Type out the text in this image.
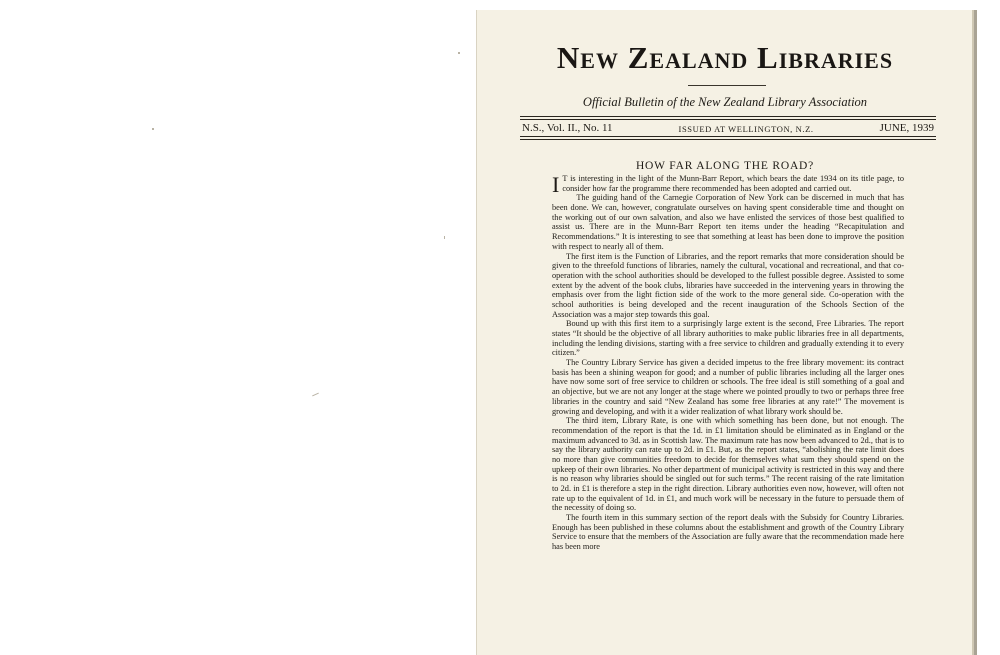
New Zealand Libraries
Official Bulletin of the New Zealand Library Association
N.S., Vol. II., No. 11	ISSUED AT WELLINGTON, N.Z.	JUNE, 1939
HOW FAR ALONG THE ROAD?

I T is interesting in the light of the Munn-Barr Report, which bears the date 1934 on its title page, to consider how far the programme there recommended has been adopted and carried out.

The guiding hand of the Carnegie Corporation of New York can be discerned in much that has been done. We can, however, congratulate ourselves on having spent considerable time and thought on the working out of our own salvation, and also we have enlisted the services of those best qualified to assist us. There are in the Munn-Barr Report ten items under the heading “Recapitulation and Recommendations.” It is interesting to see that something at least has been done to improve the position with respect to nearly all of them.

The first item is the Function of Libraries, and the report remarks that more consideration should be given to the threefold functions of libraries, namely the cultural, vocational and recreational, and that co-operation with the school authorities should be developed to the fullest possible degree. Assisted to some extent by the advent of the book clubs, libraries have succeeded in the intervening years in throwing the emphasis over from the light fiction side of the work to the more general side. Co-operation with the school authorities is being developed and the recent inauguration of the Schools Section of the Association was a major step towards this goal.

Bound up with this first item to a surprisingly large extent is the second, Free Libraries. The report states “It should be the objective of all library authorities to make public libraries free in all departments, including the lending divisions, starting with a free service to children and gradually extending it to every citizen.”

The Country Library Service has given a decided impetus to the free library movement: its contract basis has been a shining weapon for good; and a number of public libraries including all the larger ones have now some sort of free service to children or schools. The free ideal is still something of a goal and an objective, but we are not any longer at the stage where we pointed proudly to two or perhaps three free libraries in the country and said “New Zealand has some free libraries at any rate!” The movement is growing and developing, and with it a wider realization of what library work should be.

The third item, Library Rate, is one with which something has been done, but not enough. The recommendation of the report is that the 1d. in £1 limitation should be eliminated as in England or the maximum advanced to 3d. as in Scottish law. The maximum rate has now been advanced to 2d., that is to say the library authority can rate up to 2d. in £1. But, as the report states, “abolishing the rate limit does no more than give communities freedom to decide for themselves what sum they should spend on the upkeep of their own libraries. No other department of municipal activity is restricted in this way and there is no reason why libraries should be singled out for such terms.” The recent raising of the rate limitation to 2d. in £1 is therefore a step in the right direction. Library authorities even now, however, will often not rate up to the equivalent of 1d. in £1, and much work will be necessary in the future to persuade them of the necessity of doing so.

The fourth item in this summary section of the report deals with the Subsidy for Country Libraries. Enough has been published in these columns about the establishment and growth of the Country Library Service to ensure that the members of the Association are fully aware that the recommendation made here has been more
